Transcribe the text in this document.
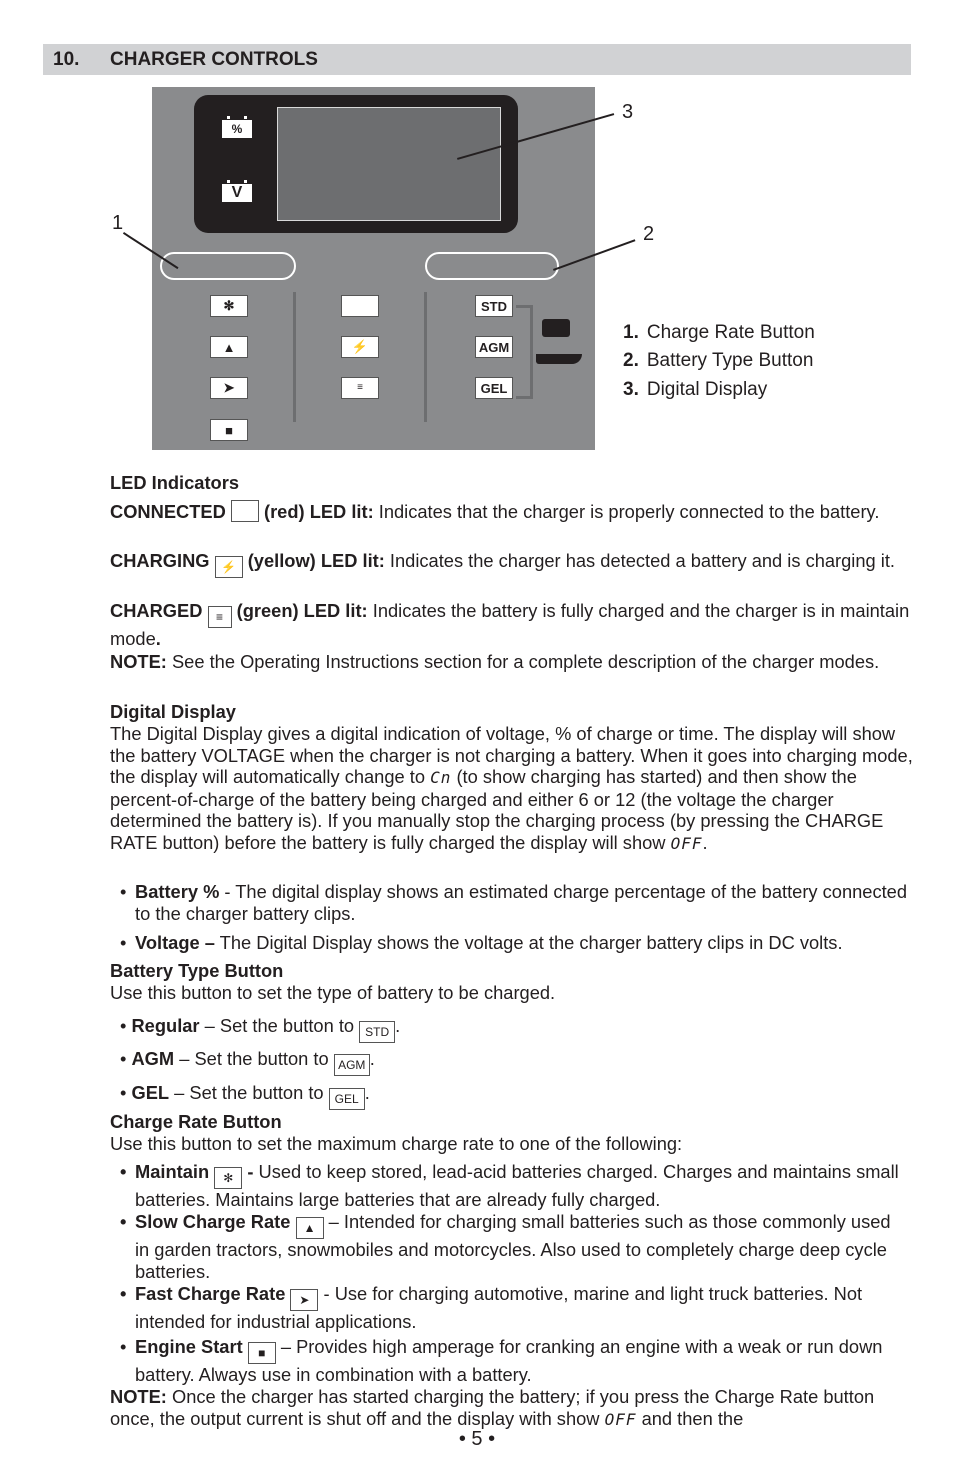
10. CHARGER CONTROLS
%
V
✻
▲
➤
■
⚡
≡
STD
AGM
GEL
1	2
3
1. Charge Rate Button
2. Battery Type Button
3. Digital Display
LED Indicators
CONNECTED (red) LED lit: Indicates that the charger is properly connected to the battery.
CHARGING ⚡ (yellow) LED lit: Indicates the charger has detected a battery and is charging it.
CHARGED ≡ (green) LED lit: Indicates the battery is fully charged and the charger is in maintain mode.
NOTE: See the Operating Instructions section for a complete description of the charger modes.
Digital Display
The Digital Display gives a digital indication of voltage, % of charge or time. The display will show the battery VOLTAGE when the charger is not charging a battery. When it goes into charging mode, the display will automatically change to Cn (to show charging has started) and then show the percent-of-charge of the battery being charged and either 6 or 12 (the voltage the charger determined the battery is). If you manually stop the charging process (by pressing the CHARGE RATE button) before the battery is fully charged the display will show OFF.
• Battery % - The digital display shows an estimated charge percentage of the battery connected to the charger battery clips.
• Voltage – The Digital Display shows the voltage at the charger battery clips in DC volts.
Battery Type Button
Use this button to set the type of battery to be charged.
• Regular – Set the button to STD .
• AGM – Set the button to AGM .
• GEL – Set the button to GEL .
Charge Rate Button
Use this button to set the maximum charge rate to one of the following:
• Maintain ✻ - Used to keep stored, lead-acid batteries charged. Charges and maintains small batteries. Maintains large batteries that are already fully charged.
• Slow Charge Rate ▲ – Intended for charging small batteries such as those commonly used in garden tractors, snowmobiles and motorcycles. Also used to completely charge deep cycle batteries.
• Fast Charge Rate ➤ - Use for charging automotive, marine and light truck batteries. Not intended for industrial applications.
• Engine Start ■ – Provides high amperage for cranking an engine with a weak or run down battery. Always use in combination with a battery.
NOTE: Once the charger has started charging the battery; if you press the Charge Rate button once, the output current is shut off and the display with show OFF and then the
• 5 •
